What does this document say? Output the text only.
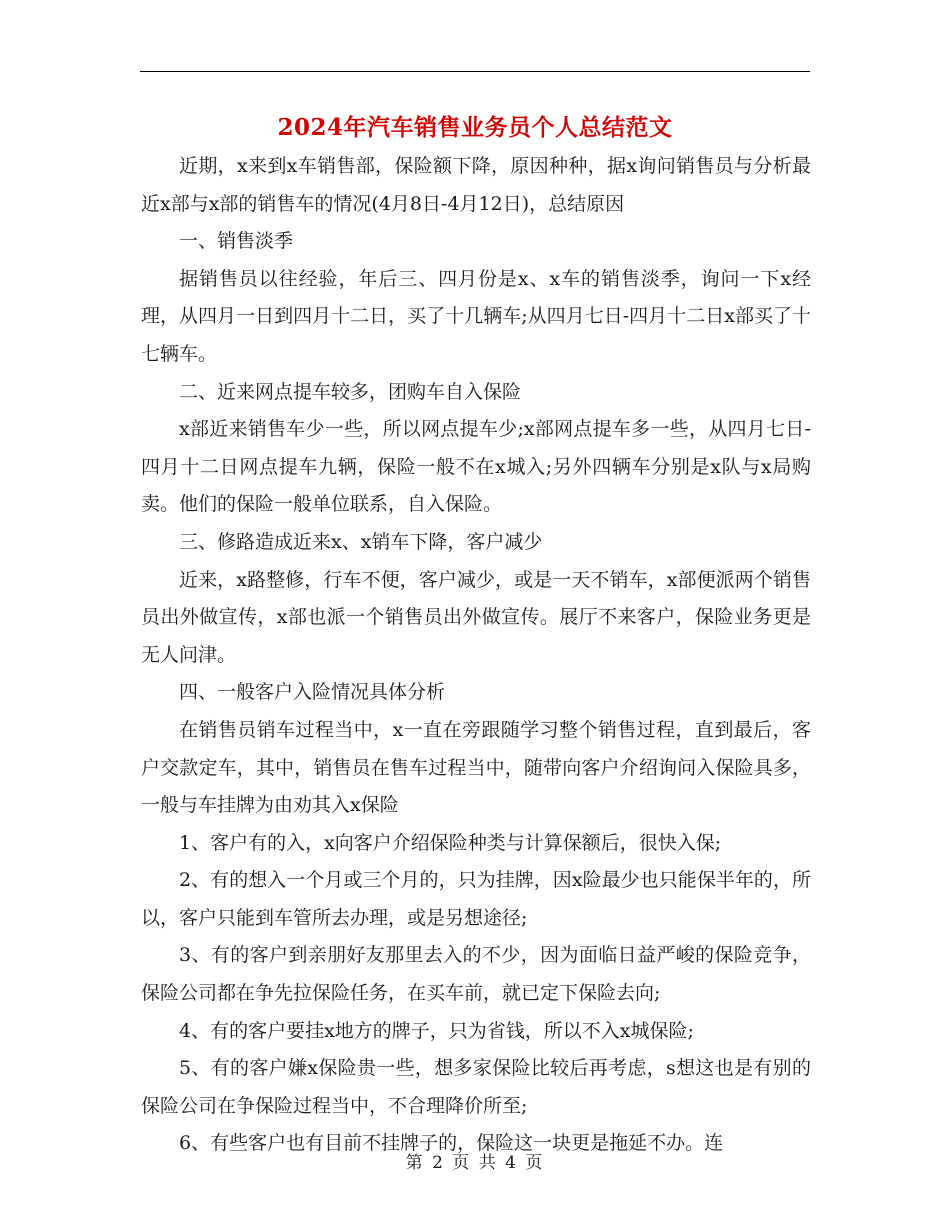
2024年汽车销售业务员个人总结范文

近期，x来到x车销售部，保险额下降，原因种种，据x询问销售员与分析最近x部与x部的销售车的情况(4月8日-4月12日)，总结原因

一、销售淡季

据销售员以往经验，年后三、四月份是x、x车的销售淡季，询问一下x经理，从四月一日到四月十二日，买了十几辆车;从四月七日-四月十二日x部买了十七辆车。

二、近来网点提车较多，团购车自入保险

x部近来销售车少一些，所以网点提车少;x部网点提车多一些，从四月七日-四月十二日网点提车九辆，保险一般不在x城入;另外四辆车分别是x队与x局购卖。他们的保险一般单位联系，自入保险。

三、修路造成近来x、x销车下降，客户减少

近来，x路整修，行车不便，客户减少，或是一天不销车，x部便派两个销售员出外做宣传，x部也派一个销售员出外做宣传。展厅不来客户，保险业务更是无人问津。

四、一般客户入险情况具体分析

在销售员销车过程当中，x一直在旁跟随学习整个销售过程，直到最后，客户交款定车，其中，销售员在售车过程当中，随带向客户介绍询问入保险具多，一般与车挂牌为由劝其入x保险

1、客户有的入，x向客户介绍保险种类与计算保额后，很快入保;

2、有的想入一个月或三个月的，只为挂牌，因x险最少也只能保半年的，所以，客户只能到车管所去办理，或是另想途径;

3、有的客户到亲朋好友那里去入的不少，因为面临日益严峻的保险竞争，保险公司都在争先拉保险任务，在买车前，就已定下保险去向;

4、有的客户要挂x地方的牌子，只为省钱，所以不入x城保险;

5、有的客户嫌x保险贵一些，想多家保险比较后再考虑，s想这也是有别的保险公司在争保险过程当中，不合理降价所至;

6、有些客户也有目前不挂牌子的，保险这一块更是拖延不办。连

第 2 页 共 4 页
